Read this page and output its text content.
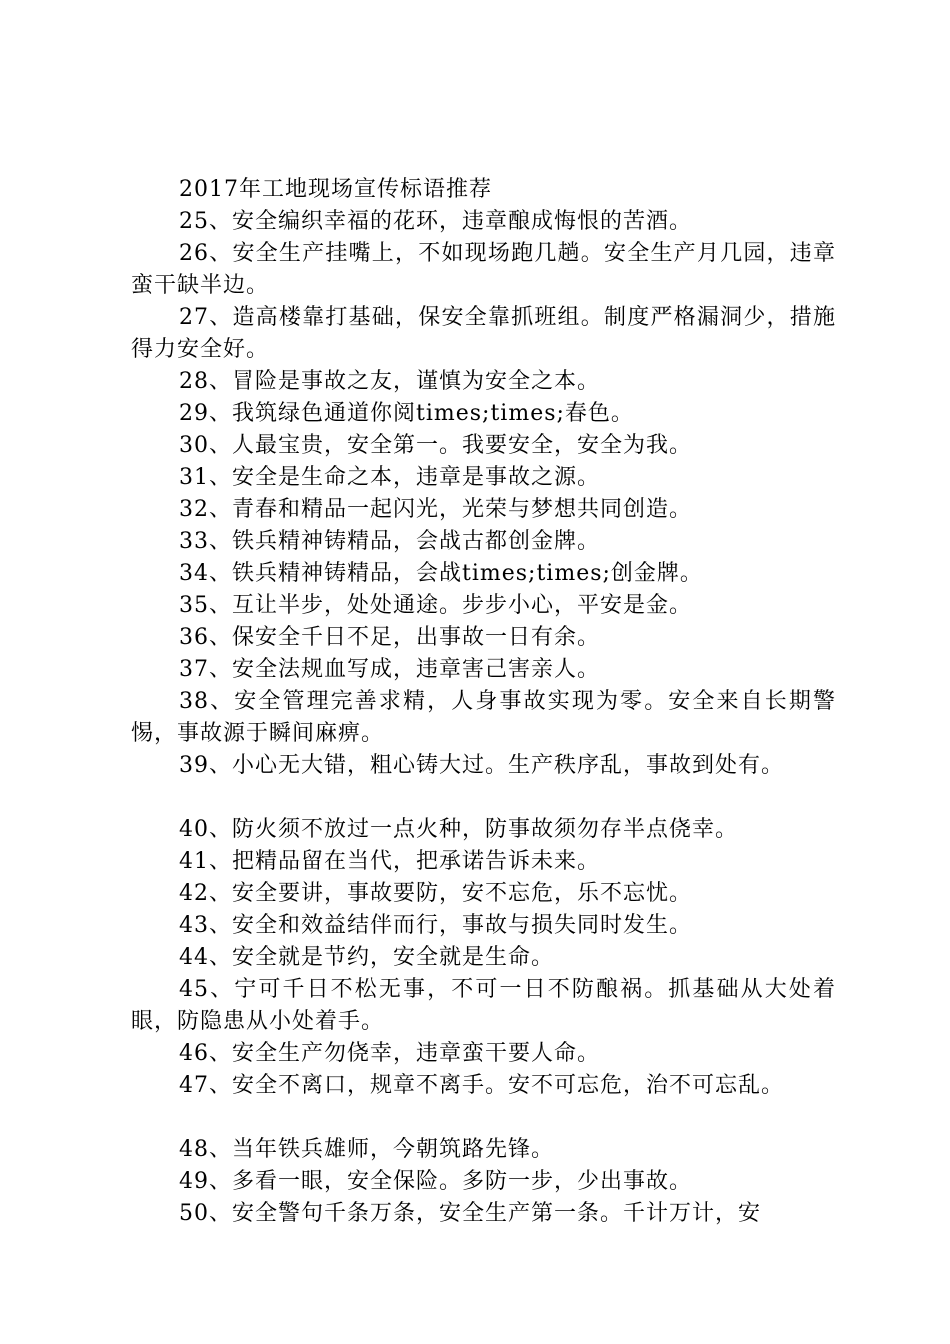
2017年工地现场宣传标语推荐
25、安全编织幸福的花环，违章酿成悔恨的苦酒。
26、安全生产挂嘴上，不如现场跑几趟。安全生产月几园，违章蛮干缺半边。
27、造高楼靠打基础，保安全靠抓班组。制度严格漏洞少，措施得力安全好。
28、冒险是事故之友，谨慎为安全之本。
29、我筑绿色通道你阅times;times;春色。
30、人最宝贵，安全第一。我要安全，安全为我。
31、安全是生命之本，违章是事故之源。
32、青春和精品一起闪光，光荣与梦想共同创造。
33、铁兵精神铸精品，会战古都创金牌。
34、铁兵精神铸精品，会战times;times;创金牌。
35、互让半步，处处通途。步步小心，平安是金。
36、保安全千日不足，出事故一日有余。
37、安全法规血写成，违章害己害亲人。
38、安全管理完善求精，人身事故实现为零。安全来自长期警惕，事故源于瞬间麻痹。
39、小心无大错，粗心铸大过。生产秩序乱，事故到处有。
40、防火须不放过一点火种，防事故须勿存半点侥幸。
41、把精品留在当代，把承诺告诉未来。
42、安全要讲，事故要防，安不忘危，乐不忘忧。
43、安全和效益结伴而行，事故与损失同时发生。
44、安全就是节约，安全就是生命。
45、宁可千日不松无事，不可一日不防酿祸。抓基础从大处着眼，防隐患从小处着手。
46、安全生产勿侥幸，违章蛮干要人命。
47、安全不离口，规章不离手。安不可忘危，治不可忘乱。
48、当年铁兵雄师，今朝筑路先锋。
49、多看一眼，安全保险。多防一步，少出事故。
50、安全警句千条万条，安全生产第一条。千计万计，安
